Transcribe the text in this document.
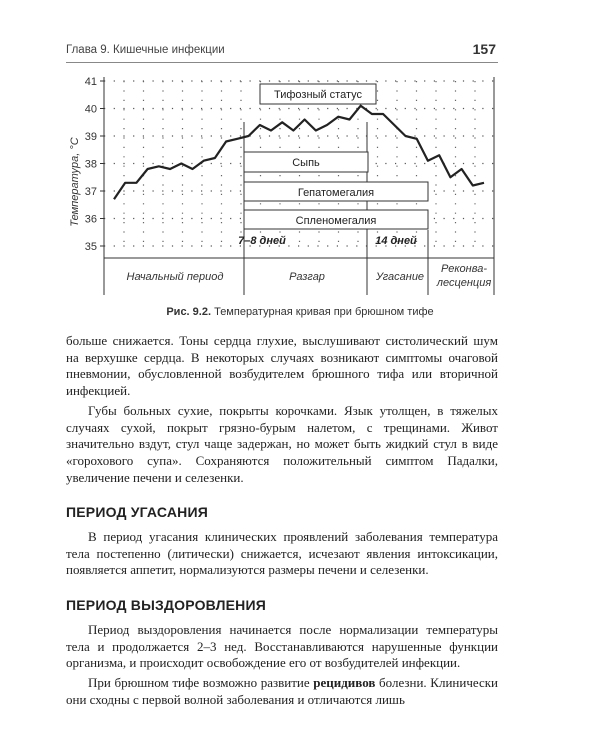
Глава 9. Кишечные инфекции	157
35
36
37
38
39
40
41
Температура, °С
Тифозный статус
Сыпь
Гепатомегалия
Спленомегалия
7–8 дней	14 дней
Начальный период	Разгар	Угасание
Реконва-
лесценция
Рис. 9.2. Температурная кривая при брюшном тифе

больше снижается. Тоны сердца глухие, выслушивают систолический шум на верхушке сердца. В некоторых случаях возникают симптомы очаговой пневмонии, обусловленной возбудителем брюшного тифа или вторичной инфекцией.

Губы больных сухие, покрыты корочками. Язык утолщен, в тяжелых случаях сухой, покрыт грязно-бурым налетом, с трещинами. Живот значительно вздут, стул чаще задержан, но может быть жидкий стул в виде «горохового супа». Сохраняются положительный симптом Падалки, увеличение печени и селезенки.

ПЕРИОД УГАСАНИЯ

В период угасания клинических проявлений заболевания температура тела постепенно (литически) снижается, исчезают явления интоксикации, появляется аппетит, нормализуются размеры печени и селезенки.

ПЕРИОД ВЫЗДОРОВЛЕНИЯ

Период выздоровления начинается после нормализации температуры тела и продолжается 2–3 нед. Восстанавливаются нарушенные функции организма, и происходит освобождение его от возбудителей инфекции.

При брюшном тифе возможно развитие рецидивов болезни. Клинически они сходны с первой волной заболевания и отличаются лишь
